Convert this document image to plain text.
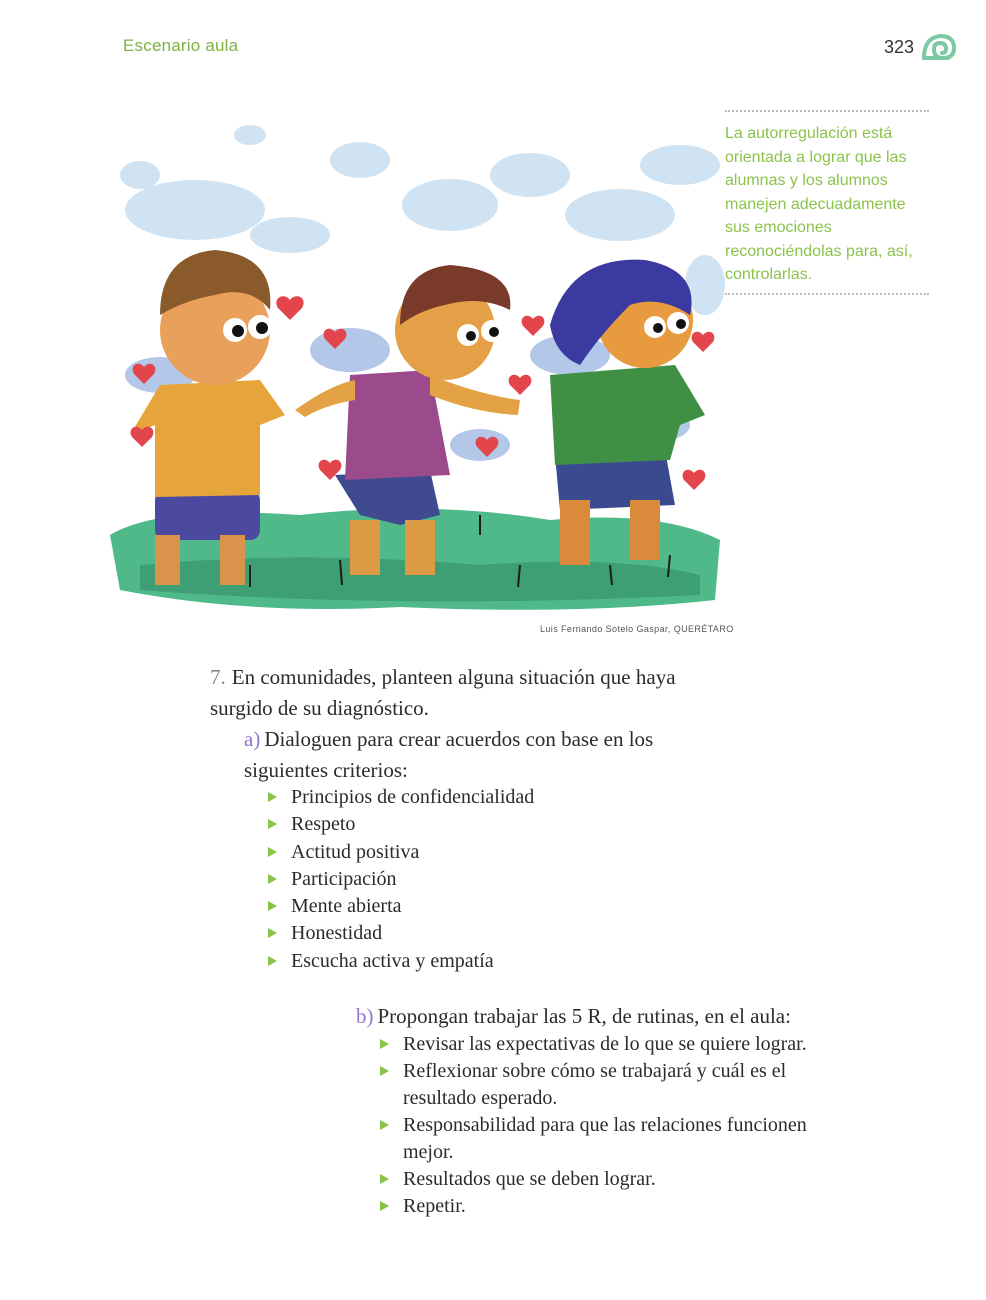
Escenario aula	323
La autorregulación está orientada a lograr que las alumnas y los alumnos manejen adecuadamente sus emociones reconociéndolas para, así, controlarlas.
Luis Fernando Sotelo Gaspar, QUERÉTARO
7. En comunidades, planteen alguna situación que haya surgido de su diagnóstico.
a) Dialoguen para crear acuerdos con base en los siguientes criterios:
Principios de confidencialidad
Respeto
Actitud positiva
Participación
Mente abierta
Honestidad
Escucha activa y empatía
b) Propongan trabajar las 5 R, de rutinas, en el aula:
Revisar las expectativas de lo que se quiere lograr.
Reflexionar sobre cómo se trabajará y cuál es el resultado esperado.
Responsabilidad para que las relaciones funcionen mejor.
Resultados que se deben lograr.
Repetir.
